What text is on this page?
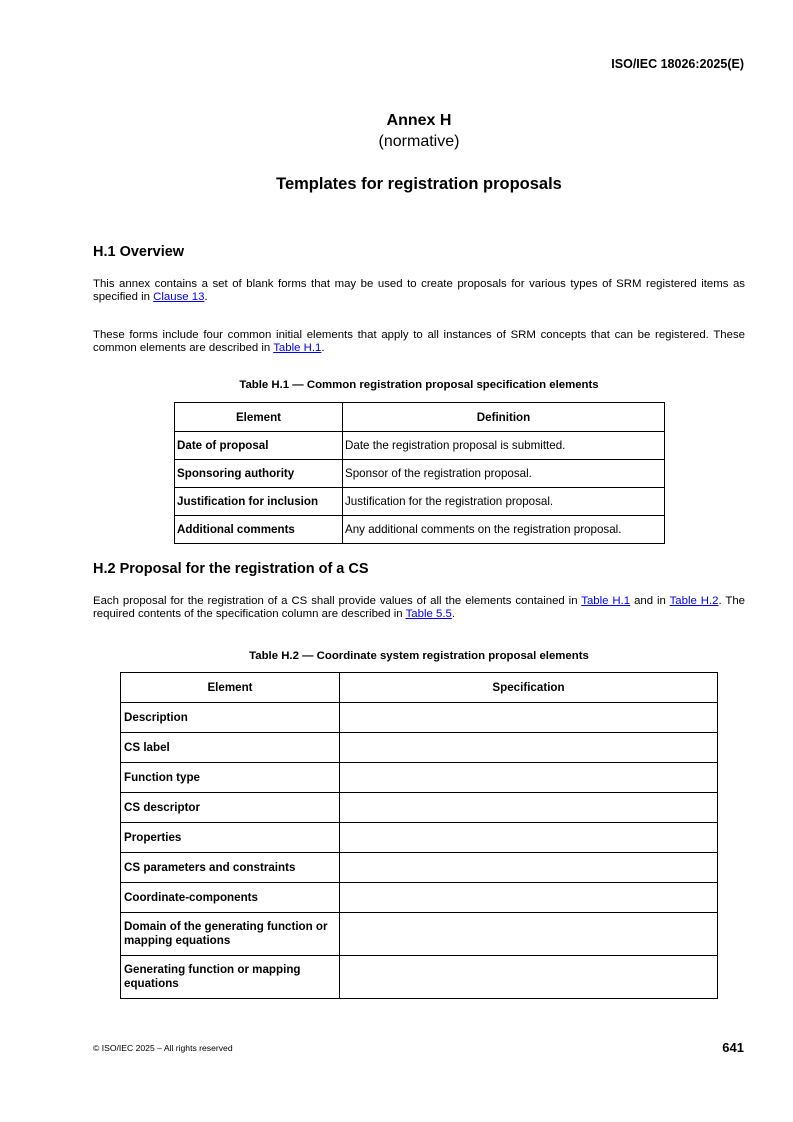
ISO/IEC 18026:2025(E)
Annex H
(normative)
Templates for registration proposals
H.1 Overview

This annex contains a set of blank forms that may be used to create proposals for various types of SRM registered items as specified in Clause 13.

These forms include four common initial elements that apply to all instances of SRM concepts that can be registered. These common elements are described in Table H.1.

Table H.1 — Common registration proposal specification elements
Element	Definition
Date of proposal	Date the registration proposal is submitted.
Sponsoring authority	Sponsor of the registration proposal.
Justification for inclusion	Justification for the registration proposal.
Additional comments	Any additional comments on the registration proposal.
H.2 Proposal for the registration of a CS

Each proposal for the registration of a CS shall provide values of all the elements contained in Table H.1 and in Table H.2. The required contents of the specification column are described in Table 5.5.

Table H.2 — Coordinate system registration proposal elements
Element	Specification
Description	
CS label	
Function type	
CS descriptor	
Properties	
CS parameters and constraints	
Coordinate-components	
Domain of the generating function or mapping equations	
Generating function or mapping equations	
© ISO/IEC 2025 – All rights reserved	641
